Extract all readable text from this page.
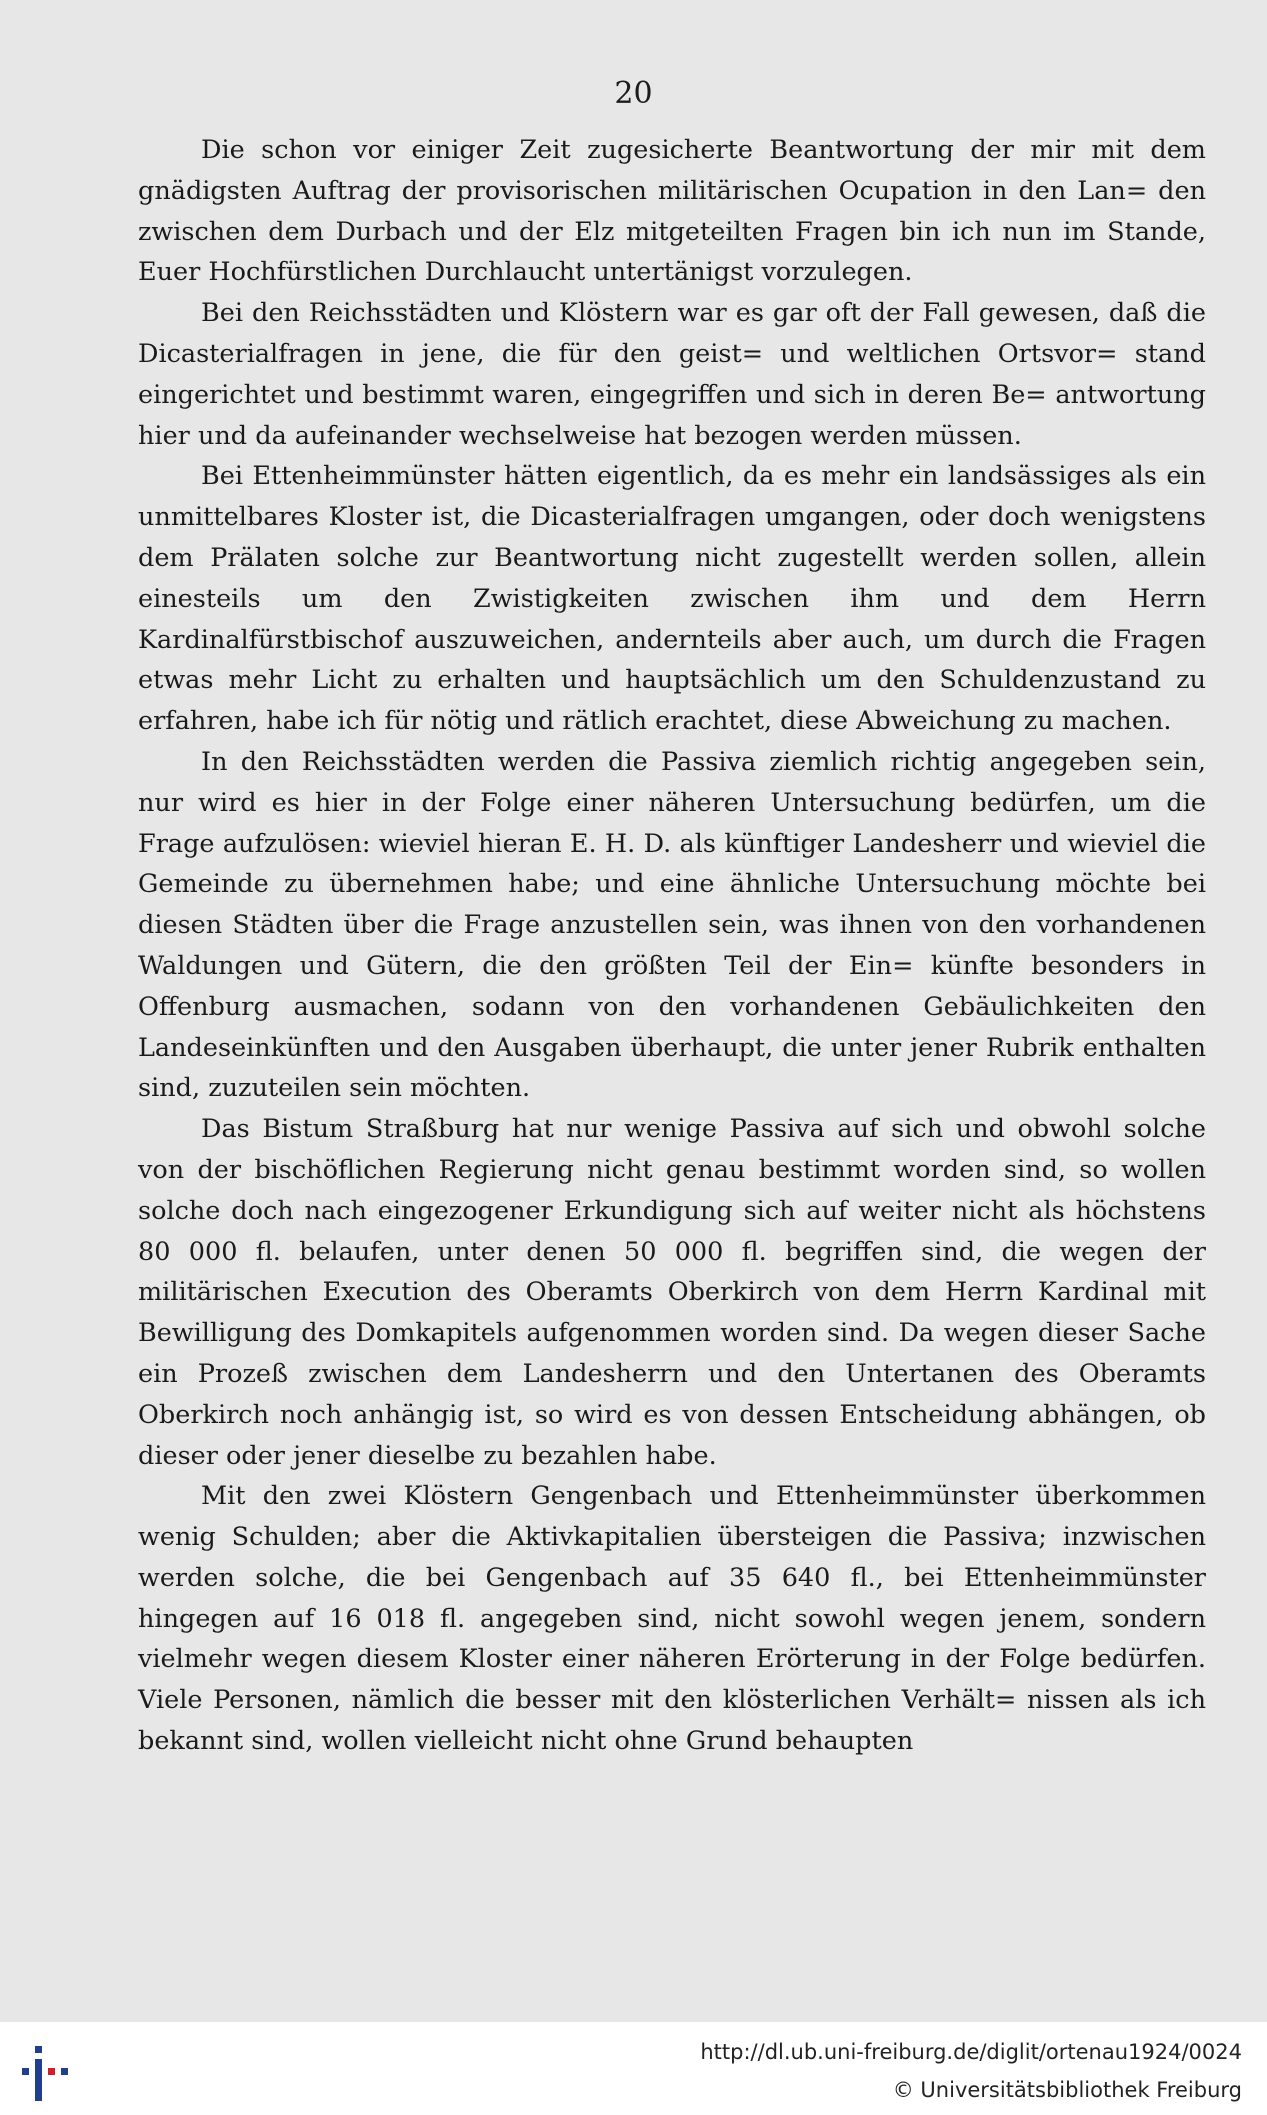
20

Die schon vor einiger Zeit zugesicherte Beantwortung der mir mit dem gnädigsten Auftrag der provisorischen militärischen Ocupation in den Lan= den zwischen dem Durbach und der Elz mitgeteilten Fragen bin ich nun im Stande, Euer Hochfürstlichen Durchlaucht untertänigst vorzulegen.

Bei den Reichsstädten und Klöstern war es gar oft der Fall gewesen, daß die Dicasterialfragen in jene, die für den geist= und weltlichen Ortsvor= stand eingerichtet und bestimmt waren, eingegriffen und sich in deren Be= antwortung hier und da aufeinander wechselweise hat bezogen werden müssen.

Bei Ettenheimmünster hätten eigentlich, da es mehr ein landsässiges als ein unmittelbares Kloster ist, die Dicasterialfragen umgangen, oder doch wenigstens dem Prälaten solche zur Beantwortung nicht zugestellt werden sollen, allein einesteils um den Zwistigkeiten zwischen ihm und dem Herrn Kardinalfürstbischof auszuweichen, andernteils aber auch, um durch die Fragen etwas mehr Licht zu erhalten und hauptsächlich um den Schuldenzustand zu erfahren, habe ich für nötig und rätlich erachtet, diese Abweichung zu machen.

In den Reichsstädten werden die Passiva ziemlich richtig angegeben sein, nur wird es hier in der Folge einer näheren Untersuchung bedürfen, um die Frage aufzulösen: wieviel hieran E. H. D. als künftiger Landesherr und wieviel die Gemeinde zu übernehmen habe; und eine ähnliche Untersuchung möchte bei diesen Städten über die Frage anzustellen sein, was ihnen von den vorhandenen Waldungen und Gütern, die den größten Teil der Ein= künfte besonders in Offenburg ausmachen, sodann von den vorhandenen Gebäulichkeiten den Landeseinkünften und den Ausgaben überhaupt, die unter jener Rubrik enthalten sind, zuzuteilen sein möchten.

Das Bistum Straßburg hat nur wenige Passiva auf sich und obwohl solche von der bischöflichen Regierung nicht genau bestimmt worden sind, so wollen solche doch nach eingezogener Erkundigung sich auf weiter nicht als höchstens 80 000 fl. belaufen, unter denen 50 000 fl. begriffen sind, die wegen der militärischen Execution des Oberamts Oberkirch von dem Herrn Kardinal mit Bewilligung des Domkapitels aufgenommen worden sind. Da wegen dieser Sache ein Prozeß zwischen dem Landesherrn und den Untertanen des Oberamts Oberkirch noch anhängig ist, so wird es von dessen Entscheidung abhängen, ob dieser oder jener dieselbe zu bezahlen habe.

Mit den zwei Klöstern Gengenbach und Ettenheimmünster überkommen wenig Schulden; aber die Aktivkapitalien übersteigen die Passiva; inzwischen werden solche, die bei Gengenbach auf 35 640 fl., bei Ettenheimmünster hingegen auf 16 018 fl. angegeben sind, nicht sowohl wegen jenem, sondern vielmehr wegen diesem Kloster einer näheren Erörterung in der Folge bedürfen. Viele Personen, nämlich die besser mit den klösterlichen Verhält= nissen als ich bekannt sind, wollen vielleicht nicht ohne Grund behaupten

http://dl.ub.uni-freiburg.de/diglit/ortenau1924/0024
© Universitätsbibliothek Freiburg
